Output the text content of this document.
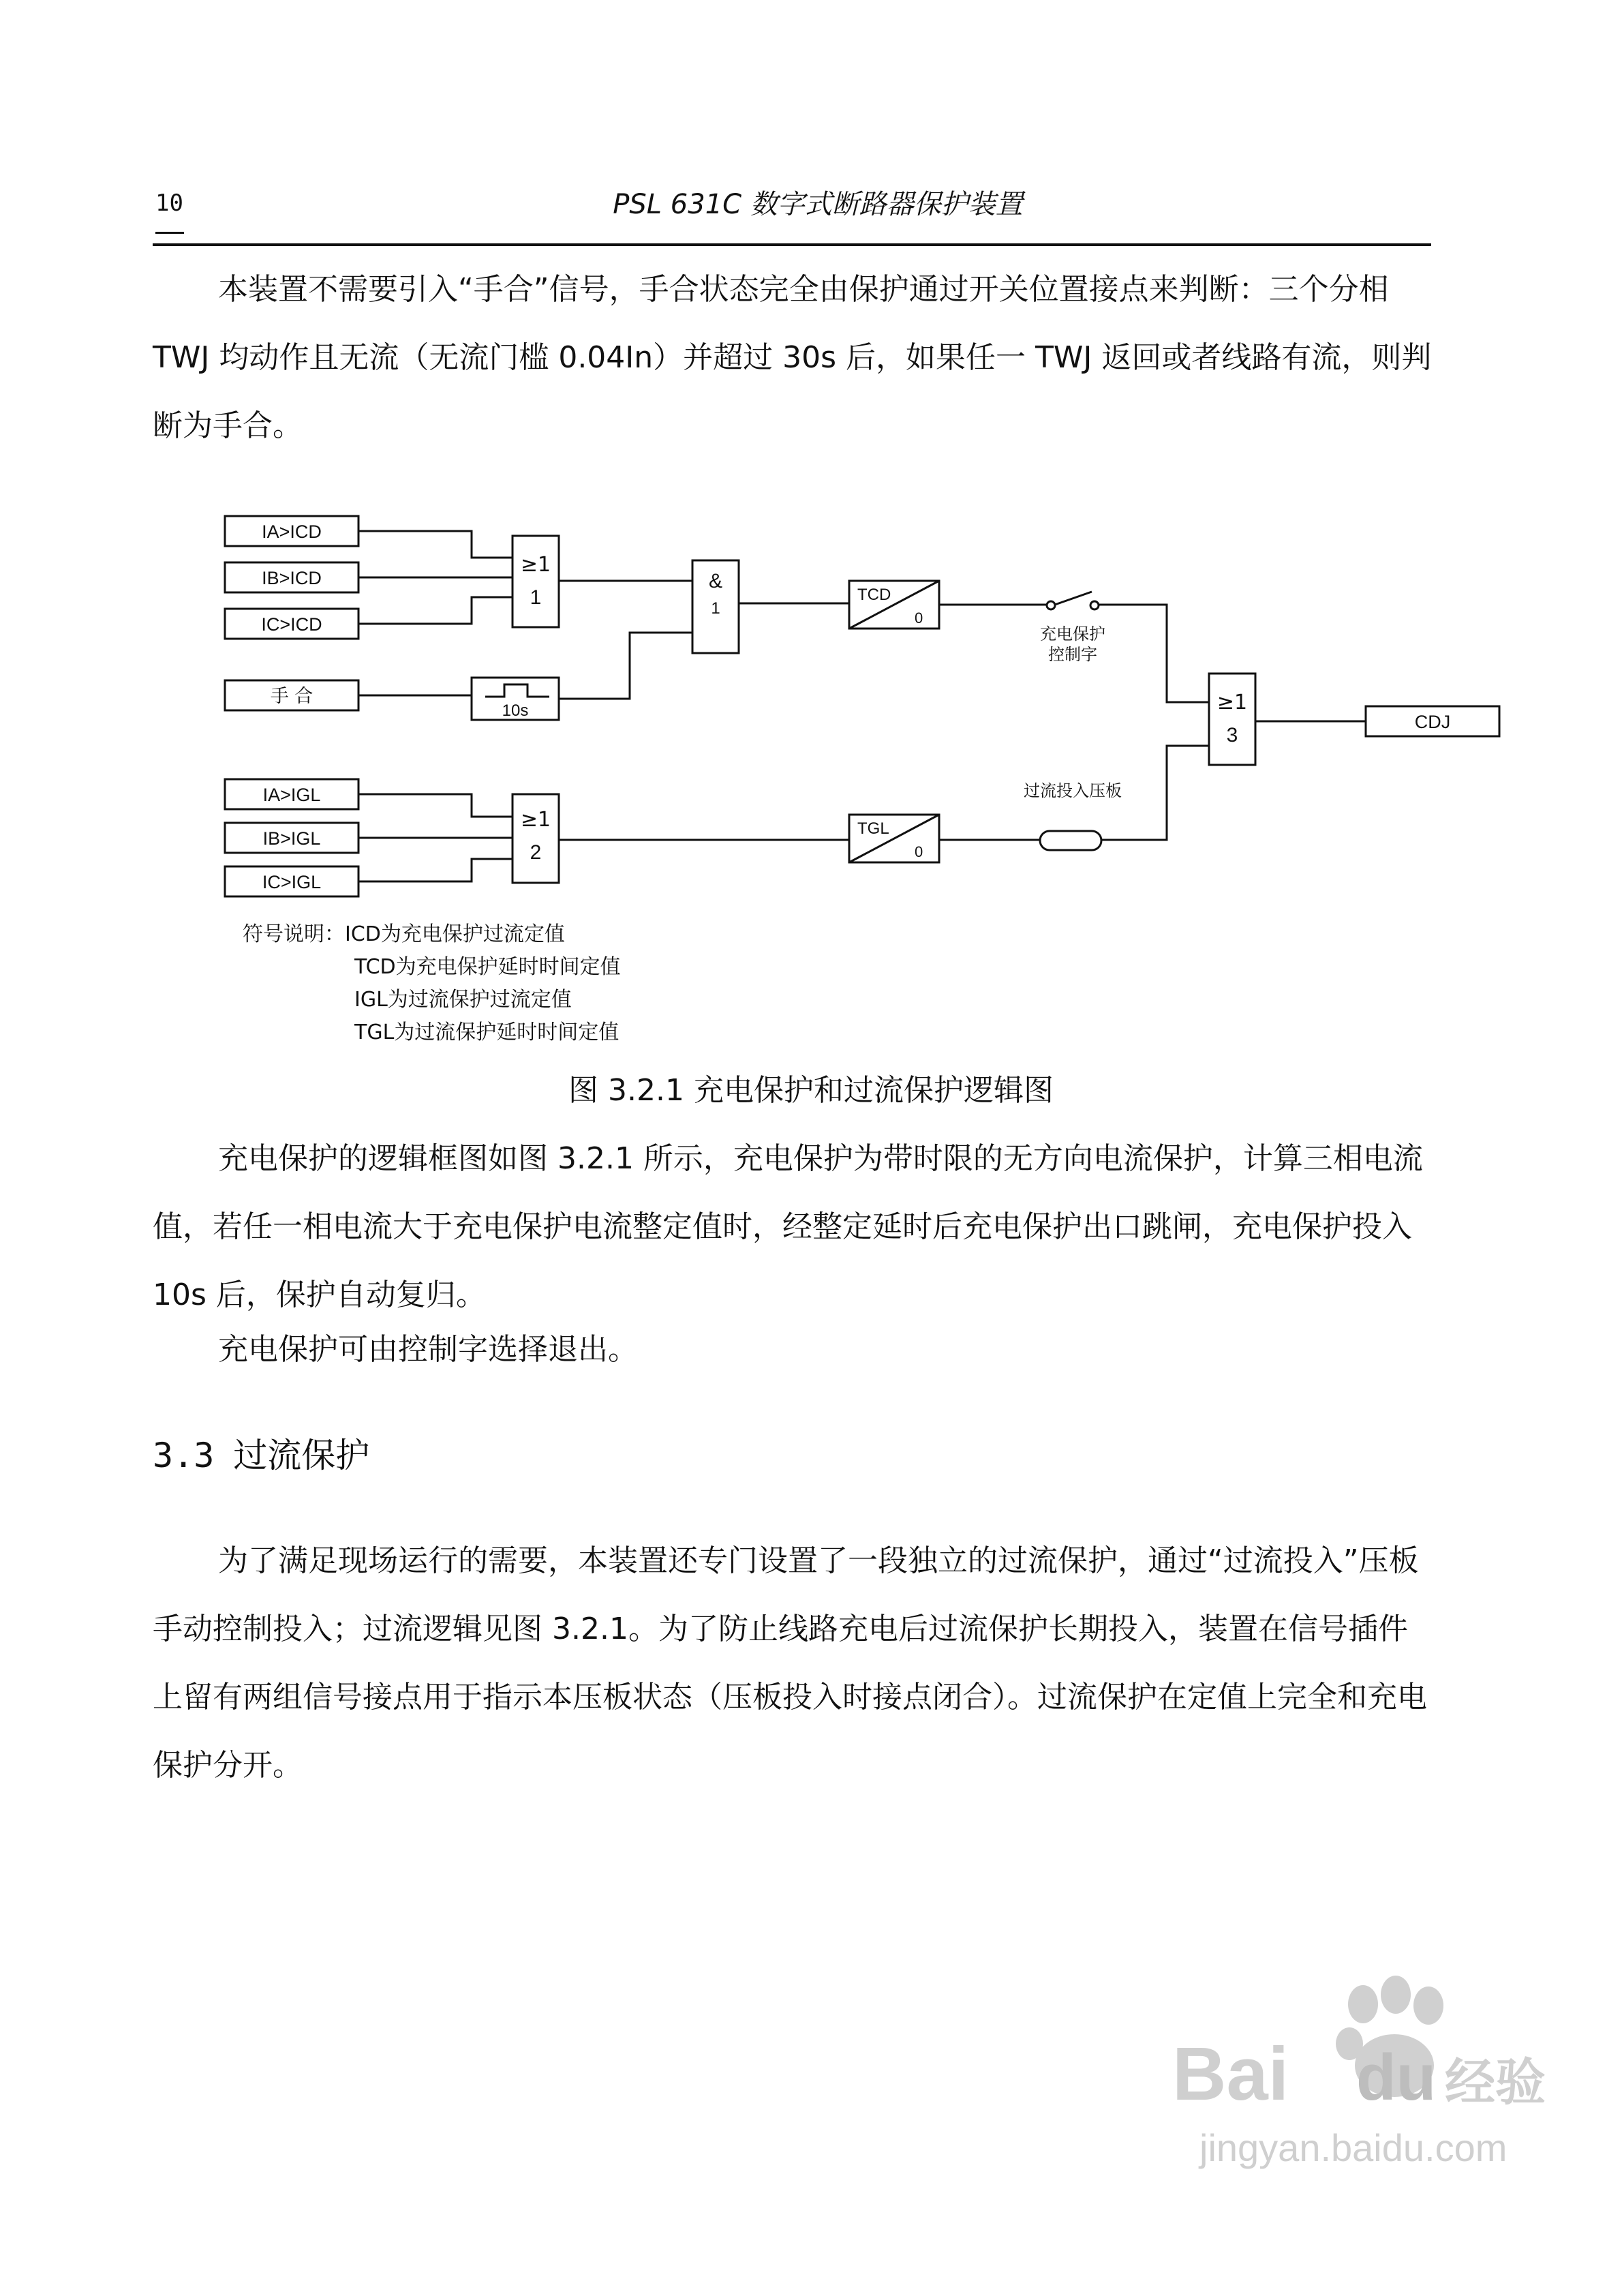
10	PSL 631C 数字式断路器保护装置

本装置不需要引入“手合”信号，手合状态完全由保护通过开关位置接点来判断：三个分相 TWJ 均动作且无流（无流门槛 0.04In）并超过 30s 后，如果任一 TWJ 返回或者线路有流，则判断为手合。

IA>ICD
IB>ICD
IC>ICD
手 合
IA>IGL
IB>IGL
IC>IGL
≥1
1
&
1
10s
TCD
0
TGL
0
≥1
2
≥1
3
充电保护
控制字
过流投入压板
CDJ
符号说明：ICD为充电保护过流定值
TCD为充电保护延时时间定值
IGL为过流保护过流定值
TGL为过流保护延时时间定值
图 3.2.1 充电保护和过流保护逻辑图

充电保护的逻辑框图如图 3.2.1 所示，充电保护为带时限的无方向电流保护，计算三相电流值，若任一相电流大于充电保护电流整定值时，经整定延时后充电保护出口跳闸，充电保护投入 10s 后，保护自动复归。

充电保护可由控制字选择退出。

3.3 过流保护

为了满足现场运行的需要，本装置还专门设置了一段独立的过流保护，通过“过流投入”压板手动控制投入；过流逻辑见图 3.2.1。为了防止线路充电后过流保护长期投入，装置在信号插件上留有两组信号接点用于指示本压板状态（压板投入时接点闭合）。过流保护在定值上完全和充电保护分开。

Bai du 经验
jingyan.baidu.com
